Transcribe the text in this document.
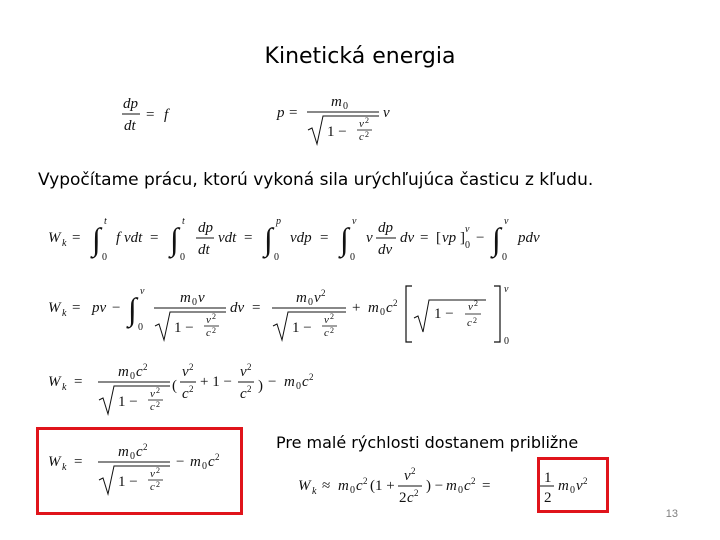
Kinetická energia
dp
dt
= f	p =
m 0
1 − v 2
c 2
v
Vypočítame prácu, ktorú vykoná sila urýchľujúca časticu z kľudu.
W k = ∫ t
0
f vdt = ∫ t
0
dp
dt
vdt = ∫ p
0
vdp = ∫ v
0
v
dp
dv
dv = [ vp ]
v
0 − ∫ v
0
pdv
W k = pv − ∫ v
0
m 0 v
1 − v 2
c 2
dv =
m 0 v 2
1 − v 2
c 2
+ m 0 c 2
1 − v 2
c 2
v
0
W k =
m 0 c 2
1 − v 2
c 2
(
v 2
c 2 + 1 −
v 2
c 2 ) − m 0 c 2
W k =
m 0 c 2
1 − v 2
c 2
− m 0 c 2
Pre malé rýchlosti dostanem približne
W k ≈ m 0 c 2 (1 +
v 2
2 c 2 ) − m 0 c 2 =	1
2
m 0 v 2
13
